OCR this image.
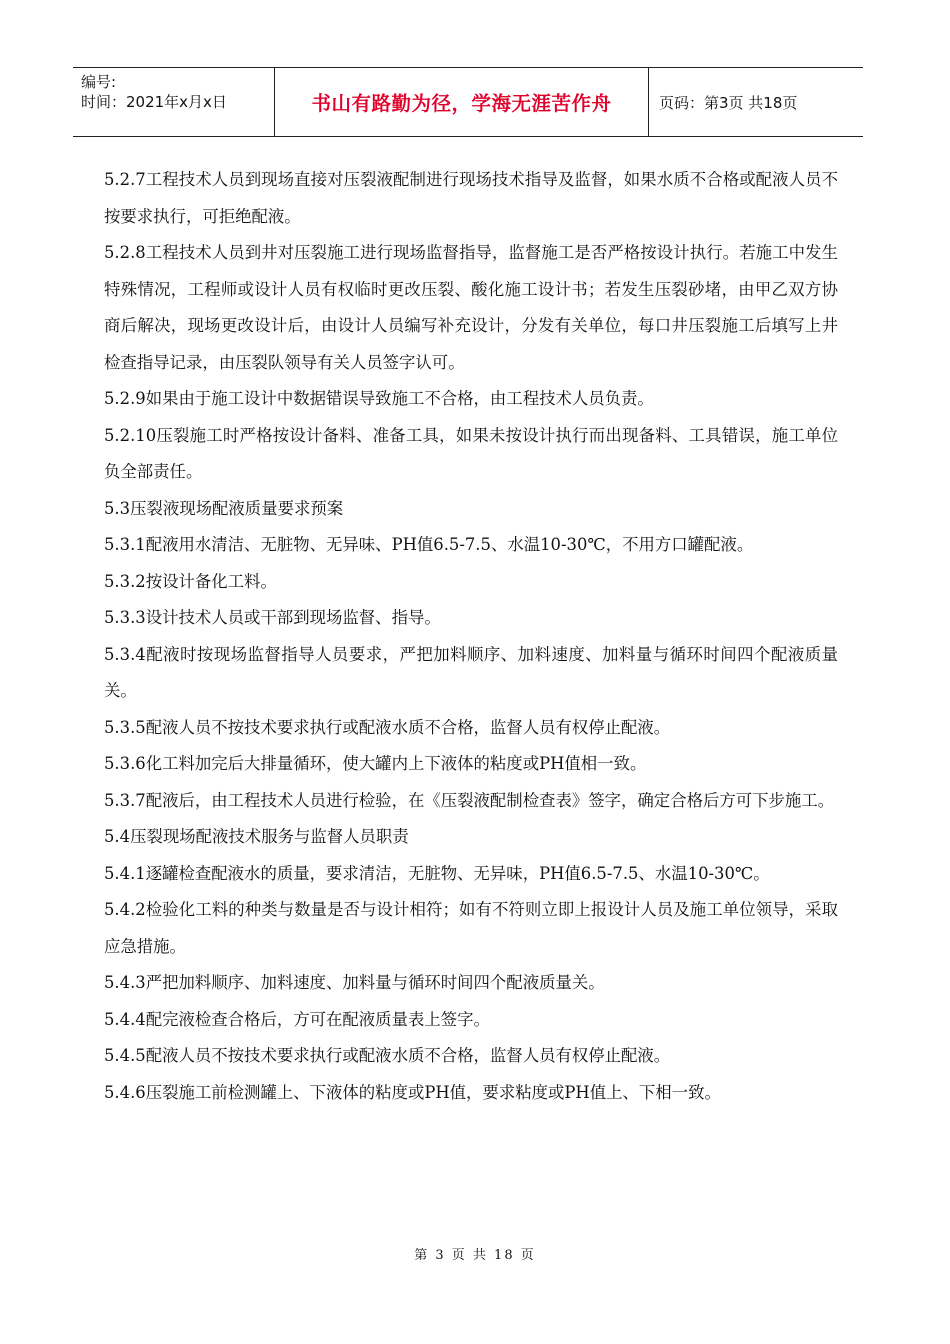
编号:
时间：2021年x月x日	书山有路勤为径，学海无涯苦作舟	页码：第3页 共18页

5.2.7工程技术人员到现场直接对压裂液配制进行现场技术指导及监督，如果水质不合格或配液人员不按要求执行，可拒绝配液。

5.2.8工程技术人员到井对压裂施工进行现场监督指导，监督施工是否严格按设计执行。若施工中发生特殊情况，工程师或设计人员有权临时更改压裂、酸化施工设计书；若发生压裂砂堵，由甲乙双方协商后解决，现场更改设计后，由设计人员编写补充设计，分发有关单位，每口井压裂施工后填写上井检查指导记录，由压裂队领导有关人员签字认可。

5.2.9如果由于施工设计中数据错误导致施工不合格，由工程技术人员负责。

5.2.10压裂施工时严格按设计备料、准备工具，如果未按设计执行而出现备料、工具错误，施工单位负全部责任。

5.3压裂液现场配液质量要求预案

5.3.1配液用水清洁、无脏物、无异味、PH值6.5-7.5、水温10-30℃，不用方口罐配液。

5.3.2按设计备化工料。

5.3.3设计技术人员或干部到现场监督、指导。

5.3.4配液时按现场监督指导人员要求，严把加料顺序、加料速度、加料量与循环时间四个配液质量关。

5.3.5配液人员不按技术要求执行或配液水质不合格，监督人员有权停止配液。

5.3.6化工料加完后大排量循环，使大罐内上下液体的粘度或PH值相一致。

5.3.7配液后，由工程技术人员进行检验，在《压裂液配制检查表》签字，确定合格后方可下步施工。

5.4压裂现场配液技术服务与监督人员职责

5.4.1逐罐检查配液水的质量，要求清洁，无脏物、无异味，PH值6.5-7.5、水温10-30℃。

5.4.2检验化工料的种类与数量是否与设计相符；如有不符则立即上报设计人员及施工单位领导，采取应急措施。

5.4.3严把加料顺序、加料速度、加料量与循环时间四个配液质量关。

5.4.4配完液检查合格后，方可在配液质量表上签字。

5.4.5配液人员不按技术要求执行或配液水质不合格，监督人员有权停止配液。

5.4.6压裂施工前检测罐上、下液体的粘度或PH值，要求粘度或PH值上、下相一致。

第 3 页 共 18 页
